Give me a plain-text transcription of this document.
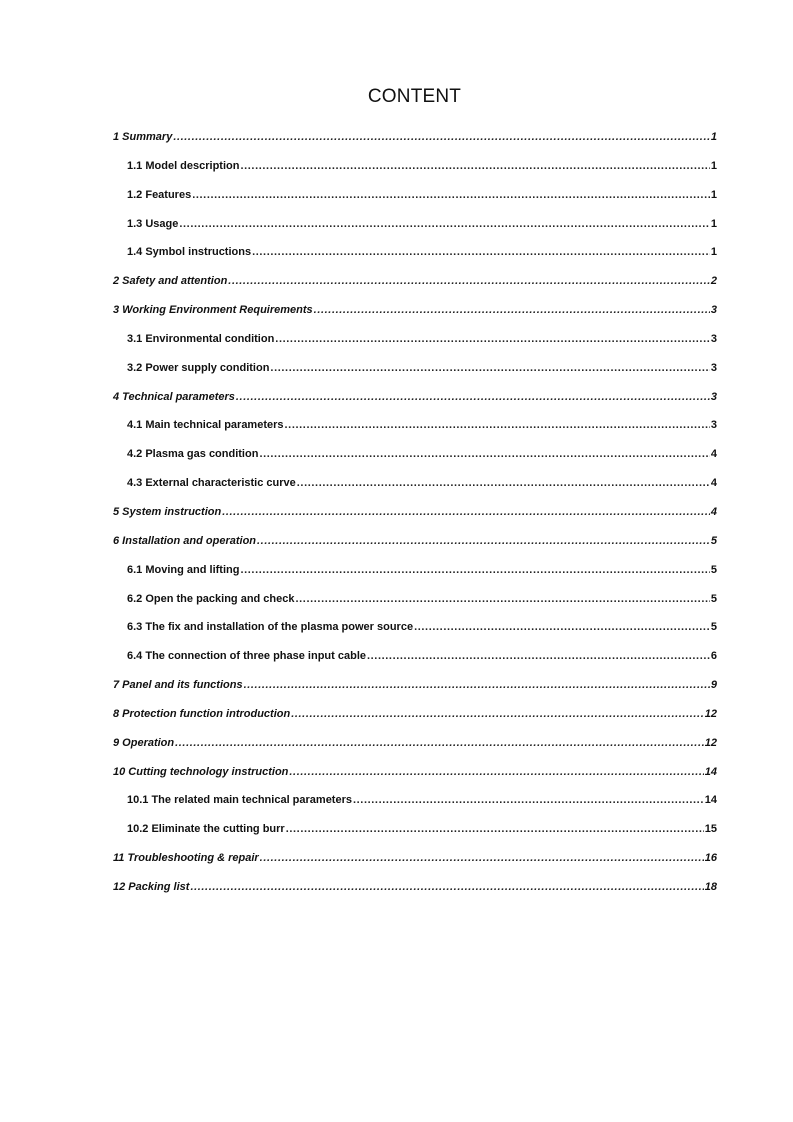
CONTENT
1 Summary .....	1
1.1 Model description .....	1
1.2 Features .....	1
1.3 Usage .....	1
1.4 Symbol instructions .....	1
2 Safety and attention .....	2
3 Working Environment Requirements .....	3
3.1 Environmental condition .....	3
3.2 Power supply condition .....	3
4 Technical parameters .....	3
4.1 Main technical parameters .....	3
4.2 Plasma gas condition .....	4
4.3 External characteristic curve .....	4
5 System instruction .....	4
6 Installation and operation .....	5
6.1 Moving and lifting .....	5
6.2 Open the packing and check .....	5
6.3 The fix and installation of the plasma power source .....	5
6.4 The connection of three phase input cable .....	6
7 Panel and its functions .....	9
8 Protection function introduction .....	12
9 Operation .....	12
10 Cutting technology instruction .....	14
10.1 The related main technical parameters .....	14
10.2 Eliminate the cutting burr .....	15
11 Troubleshooting & repair .....	16
12 Packing list .....	18
